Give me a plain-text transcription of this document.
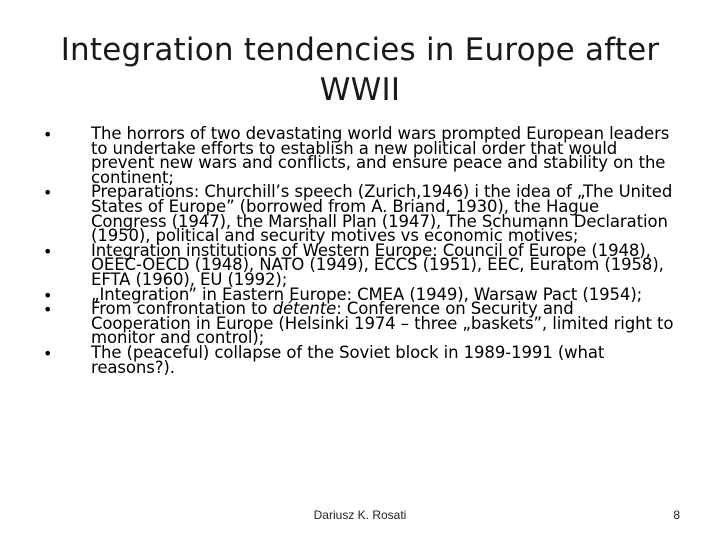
Integration tendencies in Europe after WWII
• The horrors of two devastating world wars prompted European leaders to undertake efforts to establish a new political order that would prevent new wars and conflicts, and ensure peace and stability on the continent;
• Preparations: Churchill’s speech (Zurich,1946) i the idea of „The United States of Europe” (borrowed from A. Briand, 1930), the Hague Congress (1947), the Marshall Plan (1947), The Schumann Declaration (1950), political and security motives vs economic motives;
• Integration institutions of Western Europe: Council of Europe (1948), OEEC-OECD (1948), NATO (1949), ECCS (1951), EEC, Euratom (1958), EFTA (1960), EU (1992);
• „Integration” in Eastern Europe: CMEA (1949), Warsaw Pact (1954);
• From confrontation to détente: Conference on Security and Cooperation in Europe (Helsinki 1974 – three „baskets”, limited right to monitor and control);
• The (peaceful) collapse of the Soviet block in 1989-1991 (what reasons?).
Dariusz K. Rosati	8
